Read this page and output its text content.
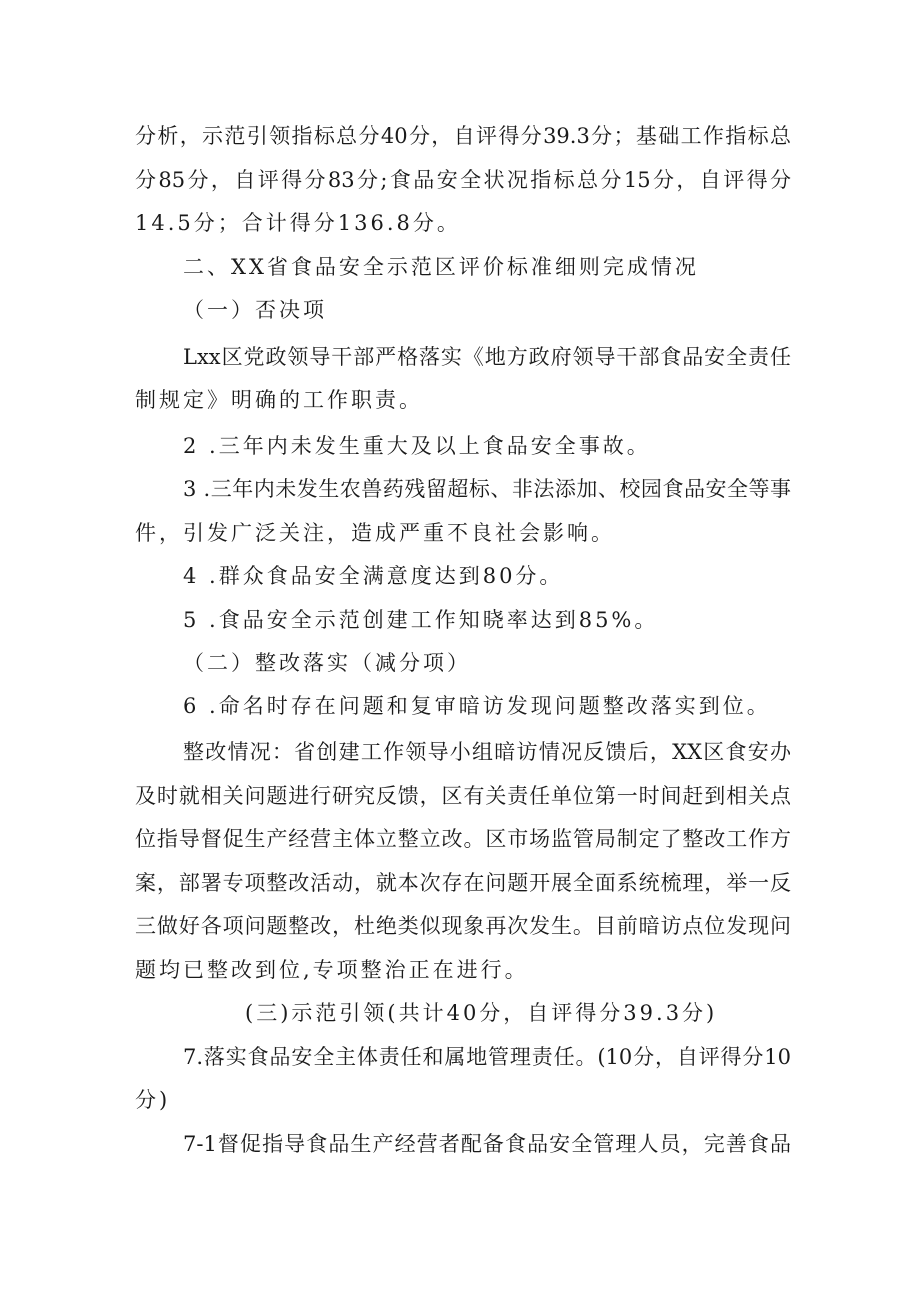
分析，示范引领指标总分40分，自评得分39.3分；基础工作指标总
分85分，自评得分83分;食品安全状况指标总分15分，自评得分
14.5分；合计得分136.8分。
二、XX省食品安全示范区评价标准细则完成情况
（一）否决项
Lxx区党政领导干部严格落实《地方政府领导干部食品安全责任
制规定》明确的工作职责。
2 .三年内未发生重大及以上食品安全事故。
3 .三年内未发生农兽药残留超标、非法添加、校园食品安全等事
件，引发广泛关注，造成严重不良社会影响。
4 .群众食品安全满意度达到80分。
5 .食品安全示范创建工作知晓率达到85%。
（二）整改落实（减分项）
6 .命名时存在问题和复审暗访发现问题整改落实到位。
整改情况：省创建工作领导小组暗访情况反馈后，XX区食安办
及时就相关问题进行研究反馈，区有关责任单位第一时间赶到相关点
位指导督促生产经营主体立整立改。区市场监管局制定了整改工作方
案，部署专项整改活动，就本次存在问题开展全面系统梳理，举一反
三做好各项问题整改，杜绝类似现象再次发生。目前暗访点位发现问
题均已整改到位,专项整治正在进行。
(三)示范引领(共计40分，自评得分39.3分)
7.落实食品安全主体责任和属地管理责任。(10分，自评得分10
分)
7-1督促指导食品生产经营者配备食品安全管理人员，完善食品
